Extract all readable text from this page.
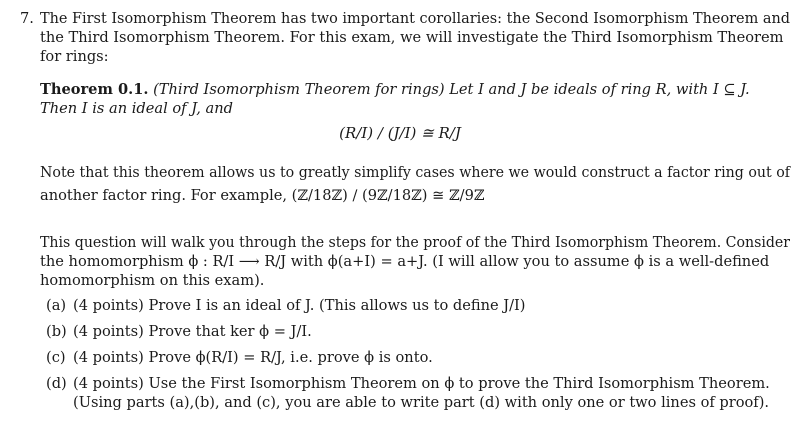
7. The First Isomorphism Theorem has two important corollaries: the Second Isomorphism Theorem and
the Third Isomorphism Theorem. For this exam, we will investigate the Third Isomorphism Theorem
for rings:
Theorem 0.1. (Third Isomorphism Theorem for rings) Let I and J be ideals of ring R, with I ⊆ J.
Then I is an ideal of J, and
(R/I) ∕ (J/I) ≅ R/J
Note that this theorem allows us to greatly simplify cases where we would construct a factor ring out of
another factor ring. For example, (ℤ/18ℤ) ∕ (9ℤ/18ℤ) ≅ ℤ/9ℤ
This question will walk you through the steps for the proof of the Third Isomorphism Theorem. Consider
the homomorphism ϕ : R/I ⟶ R/J with ϕ(a+I) = a+J. (I will allow you to assume ϕ is a well-defined
homomorphism on this exam).
(a) (4 points) Prove I is an ideal of J. (This allows us to define J/I)
(b) (4 points) Prove that ker ϕ = J/I.
(c) (4 points) Prove ϕ(R/I) = R/J, i.e. prove ϕ is onto.
(d) (4 points) Use the First Isomorphism Theorem on ϕ to prove the Third Isomorphism Theorem.
(Using parts (a),(b), and (c), you are able to write part (d) with only one or two lines of proof).
